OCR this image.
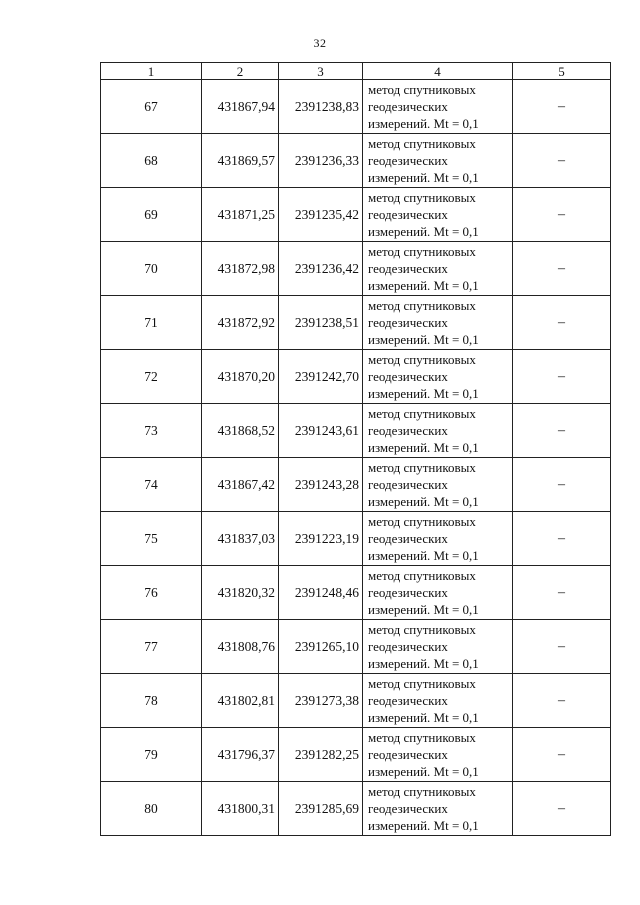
32
1	2	3	4	5
67	431867,94	2391238,83	метод спутниковых
геодезических
измерений. Mt = 0,1	–
68	431869,57	2391236,33	метод спутниковых
геодезических
измерений. Mt = 0,1	–
69	431871,25	2391235,42	метод спутниковых
геодезических
измерений. Mt = 0,1	–
70	431872,98	2391236,42	метод спутниковых
геодезических
измерений. Mt = 0,1	–
71	431872,92	2391238,51	метод спутниковых
геодезических
измерений. Mt = 0,1	–
72	431870,20	2391242,70	метод спутниковых
геодезических
измерений. Mt = 0,1	–
73	431868,52	2391243,61	метод спутниковых
геодезических
измерений. Mt = 0,1	–
74	431867,42	2391243,28	метод спутниковых
геодезических
измерений. Mt = 0,1	–
75	431837,03	2391223,19	метод спутниковых
геодезических
измерений. Mt = 0,1	–
76	431820,32	2391248,46	метод спутниковых
геодезических
измерений. Mt = 0,1	–
77	431808,76	2391265,10	метод спутниковых
геодезических
измерений. Mt = 0,1	–
78	431802,81	2391273,38	метод спутниковых
геодезических
измерений. Mt = 0,1	–
79	431796,37	2391282,25	метод спутниковых
геодезических
измерений. Mt = 0,1	–
80	431800,31	2391285,69	метод спутниковых
геодезических
измерений. Mt = 0,1	–
